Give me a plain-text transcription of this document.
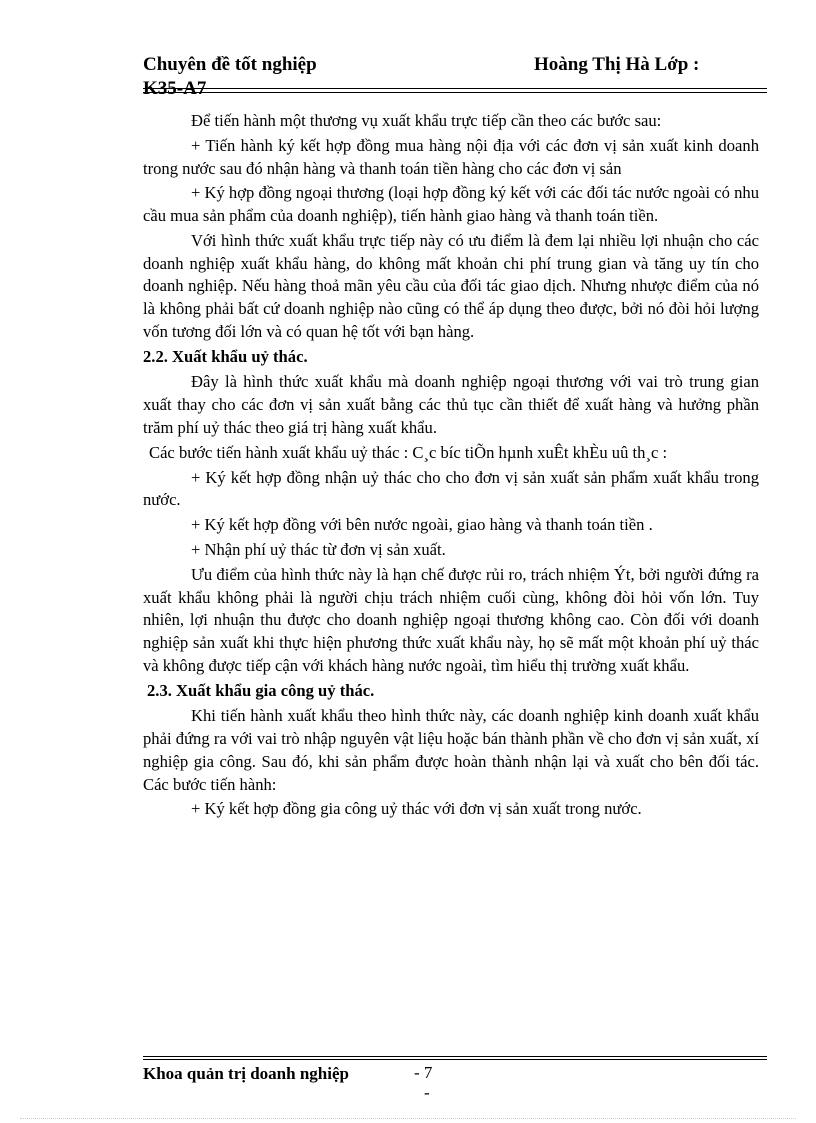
Chuyên đề tốt nghiệp	Hoàng Thị Hà Lớp :
K35-A7

Để tiến hành một thương vụ xuất khẩu trực tiếp cần theo các bước sau:

+ Tiến hành ký kết hợp đồng mua hàng nội địa với các đơn vị sản xuất kinh doanh trong nước sau đó nhận hàng và thanh toán tiền hàng cho các đơn vị sản

+ Ký hợp đồng ngoại thương (loại hợp đồng ký kết với các đối tác nước ngoài có nhu cầu mua sản phẩm của doanh nghiệp), tiến hành giao hàng và thanh toán tiền.

Với hình thức xuất khẩu trực tiếp này có ưu điểm là đem lại nhiều lợi nhuận cho các doanh nghiệp xuất khẩu hàng, do không mất khoản chi phí trung gian và tăng uy tín cho doanh nghiệp. Nếu hàng thoả mãn yêu cầu của đối tác giao dịch. Nhưng nhược điểm của nó là không phải bất cứ doanh nghiệp nào cũng có thể áp dụng theo được, bởi nó đòi hỏi lượng vốn tương đối lớn và có quan hệ tốt với bạn hàng.

2.2. Xuất khẩu uỷ thác.

Đây là hình thức xuất khẩu mà doanh nghiệp ngoại thương với vai trò trung gian xuất thay cho các đơn vị sản xuất bằng các thủ tục cần thiết để xuất hàng và hưởng phần trăm phí uỷ thác theo giá trị hàng xuất khẩu.

Các bước tiến hành xuất khẩu uỷ thác : C¸c bíc tiÕn hµnh xuÊt khÈu uû th¸c :

+ Ký kết hợp đồng nhận uỷ thác cho cho đơn vị sản xuất sản phẩm xuất khẩu trong nước.

+ Ký kết hợp đồng với bên nước ngoài, giao hàng và thanh toán tiền .

+ Nhận phí uỷ thác từ đơn vị sản xuất.

Ưu điểm của hình thức này là hạn chế được rủi ro, trách nhiệm Ýt, bởi người đứng ra xuất khẩu không phải là người chịu trách nhiệm cuối cùng, không đòi hỏi vốn lớn. Tuy nhiên, lợi nhuận thu được cho doanh nghiệp ngoại thương không cao. Còn đối với doanh nghiệp sản xuất khi thực hiện phương thức xuất khẩu này, họ sẽ mất một khoản phí uỷ thác và không được tiếp cận với khách hàng nước ngoài, tìm hiểu thị trường xuất khẩu.

2.3. Xuất khẩu gia công uỷ thác.

Khi tiến hành xuất khẩu theo hình thức này, các doanh nghiệp kinh doanh xuất khẩu phải đứng ra với vai trò nhập nguyên vật liệu hoặc bán thành phần về cho đơn vị sản xuất, xí nghiệp gia công. Sau đó, khi sản phẩm được hoàn thành nhận lại và xuất cho bên đối tác. Các bước tiến hành:

+ Ký kết hợp đồng gia công uỷ thác với đơn vị sản xuất trong nước.

Khoa quản trị doanh nghiệp	- 7
-
